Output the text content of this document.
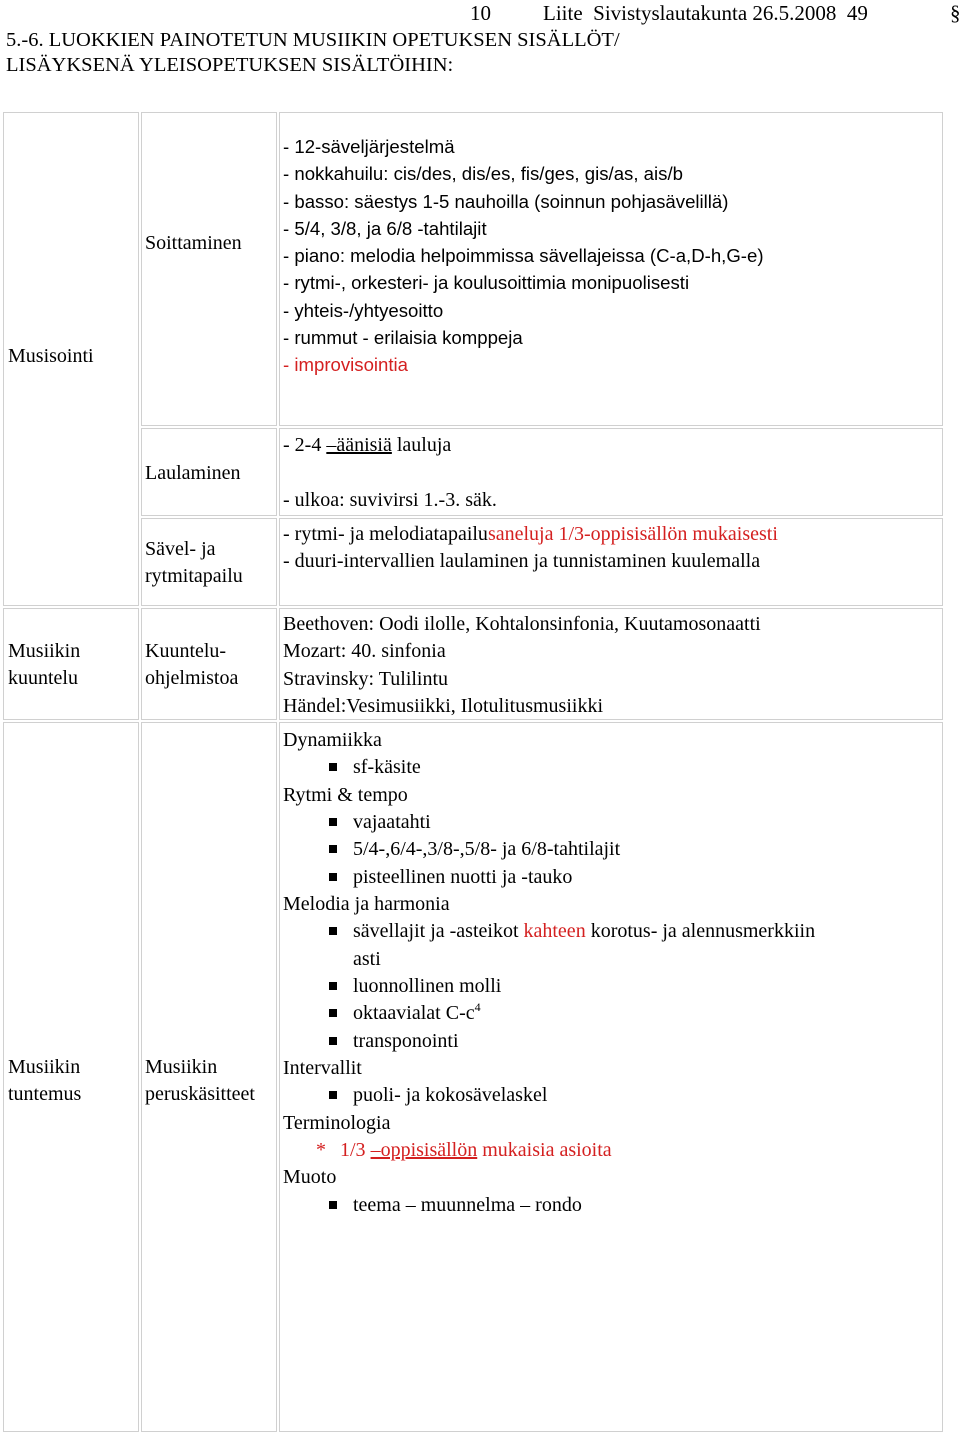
10 Liite  Sivistyslautakunta 26.5.2008  49	§
5.-6. LUOKKIEN PAINOTETUN MUSIIKIN OPETUKSEN SISÄLLÖT/
LISÄYKSENÄ YLEISOPETUKSEN SISÄLTÖIHIN:
Musisointi
Soittaminen
- 12-säveljärjestelmä
- nokkahuilu: cis/des, dis/es, fis/ges, gis/as, ais/b
- basso: säestys 1-5 nauhoilla (soinnun pohjasävelillä)
- 5/4, 3/8, ja 6/8 -tahtilajit
- piano: melodia helpoimmissa sävellajeissa (C-a,D-h,G-e)
- rytmi-, orkesteri- ja koulusoittimia monipuolisesti
- yhteis-/yhtyesoitto
- rummut - erilaisia komppeja
- improvisointia
Laulaminen
- 2-4 –äänisiä lauluja
- ulkoa: suvivirsi 1.-3. säk.
Sävel- ja
rytmitapailu
- rytmi- ja melodiatapailusaneluja 1/3-oppisisällön mukaisesti
- duuri-intervallien laulaminen ja tunnistaminen kuulemalla
Musiikin
kuuntelu
Kuuntelu-
ohjelmistoa
Beethoven: Oodi ilolle, Kohtalonsinfonia, Kuutamosonaatti
Mozart: 40. sinfonia
Stravinsky: Tulilintu
Händel:Vesimusiikki, Ilotulitusmusiikki
Musiikin
tuntemus
Musiikin
peruskäsitteet
Dynamiikka
sf-käsite
Rytmi & tempo
vajaatahti
5/4-,6/4-,3/8-,5/8- ja 6/8-tahtilajit
pisteellinen nuotti ja -tauko
Melodia ja harmonia
sävellajit ja -asteikot kahteen korotus- ja alennusmerkkiin
asti
luonnollinen molli
oktaavialat $C-c^4$
transponointi
Intervallit
puoli- ja kokosävelaskel
Terminologia
* 1/3 –oppisisällön mukaisia asioita
Muoto
teema – muunnelma – rondo
